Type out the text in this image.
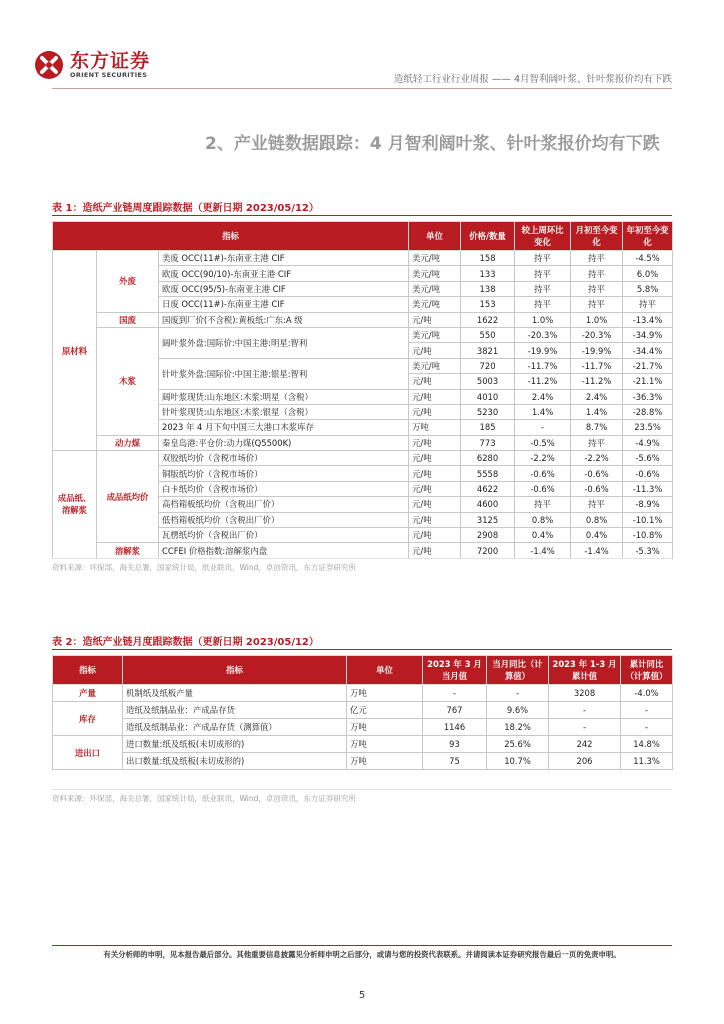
东方证券
ORIENT SECURITIES	造纸轻工行业行业周报 —— 4月智利阔叶浆、针叶浆报价均有下跌
2、产业链数据跟踪：4 月智利阔叶浆、针叶浆报价均有下跌
表 1：造纸产业链周度跟踪数据（更新日期 2023/05/12）
指标			单位	价格/数量	较上周环比变化	月初至今变化	年初至今变化
原材料	外废	美废 OCC(11#)-东南亚主港 CIF	美元/吨	158	持平	持平	-4.5%
		欧废 OCC(90/10)-东南亚主港 CIF	美元/吨	133	持平	持平	6.0%
		欧废 OCC(95/5)-东南亚主港 CIF	美元/吨	138	持平	持平	5.8%
		日废 OCC(11#)-东南亚主港 CIF	美元/吨	153	持平	持平	持平
	国废	国废到厂价(不含税):黄板纸:广东:A 级	元/吨	1622	1.0%	1.0%	-13.4%
	木浆	阔叶浆外盘:国际价:中国主港:明星:智利	美元/吨	550	-20.3%	-20.3%	-34.9%
			元/吨	3821	-19.9%	-19.9%	-34.4%
		针叶浆外盘:国际价:中国主港:银星:智利	美元/吨	720	-11.7%	-11.7%	-21.7%
			元/吨	5003	-11.2%	-11.2%	-21.1%
		阔叶浆现货:山东地区:木浆:明星（含税）	元/吨	4010	2.4%	2.4%	-36.3%
		针叶浆现货:山东地区:木浆:银星（含税）	元/吨	5230	1.4%	1.4%	-28.8%
		2023 年 4 月下旬中国三大港口木浆库存	万吨	185	-	8.7%	23.5%
	动力煤	秦皇岛港:平仓价:动力煤(Q5500K)	元/吨	773	-0.5%	持平	-4.9%
成品纸、溶解浆	成品纸均价	双胶纸均价（含税市场价）	元/吨	6280	-2.2%	-2.2%	-5.6%
		铜版纸均价（含税市场价）	元/吨	5558	-0.6%	-0.6%	-0.6%
		白卡纸均价（含税市场价）	元/吨	4622	-0.6%	-0.6%	-11.3%
		高档箱板纸均价（含税出厂价）	元/吨	4600	持平	持平	-8.9%
		低档箱板纸均价（含税出厂价）	元/吨	3125	0.8%	0.8%	-10.1%
		瓦楞纸均价（含税出厂价）	元/吨	2908	0.4%	0.4%	-10.8%
	溶解浆	CCFEI 价格指数:溶解浆内盘	元/吨	7200	-1.4%	-1.4%	-5.3%
资料来源：环保部，海关总署，国家统计局，纸业联讯，Wind，卓创资讯，东方证券研究所
表 2：造纸产业链月度跟踪数据（更新日期 2023/05/12）
指标	指标	单位	2023 年 3 月当月值	当月同比（计算值）	2023 年 1-3 月累计值	累计同比（计算值）
产量	机制纸及纸板产量	万吨	-	-	3208	-4.0%
库存	造纸及纸制品业：产成品存货	亿元	767	9.6%	-	-
	造纸及纸制品业：产成品存货（测算值）	万吨	1146	18.2%	-	-
进出口	进口数量:纸及纸板(未切成形的)	万吨	93	25.6%	242	14.8%
	出口数量:纸及纸板(未切成形的)	万吨	75	10.7%	206	11.3%
资料来源：环保部，海关总署，国家统计局，纸业联讯，Wind，卓创资讯，东方证券研究所
有关分析师的申明，见本报告最后部分。其他重要信息披露见分析师申明之后部分，或请与您的投资代表联系。并请阅读本证券研究报告最后一页的免责申明。
5
